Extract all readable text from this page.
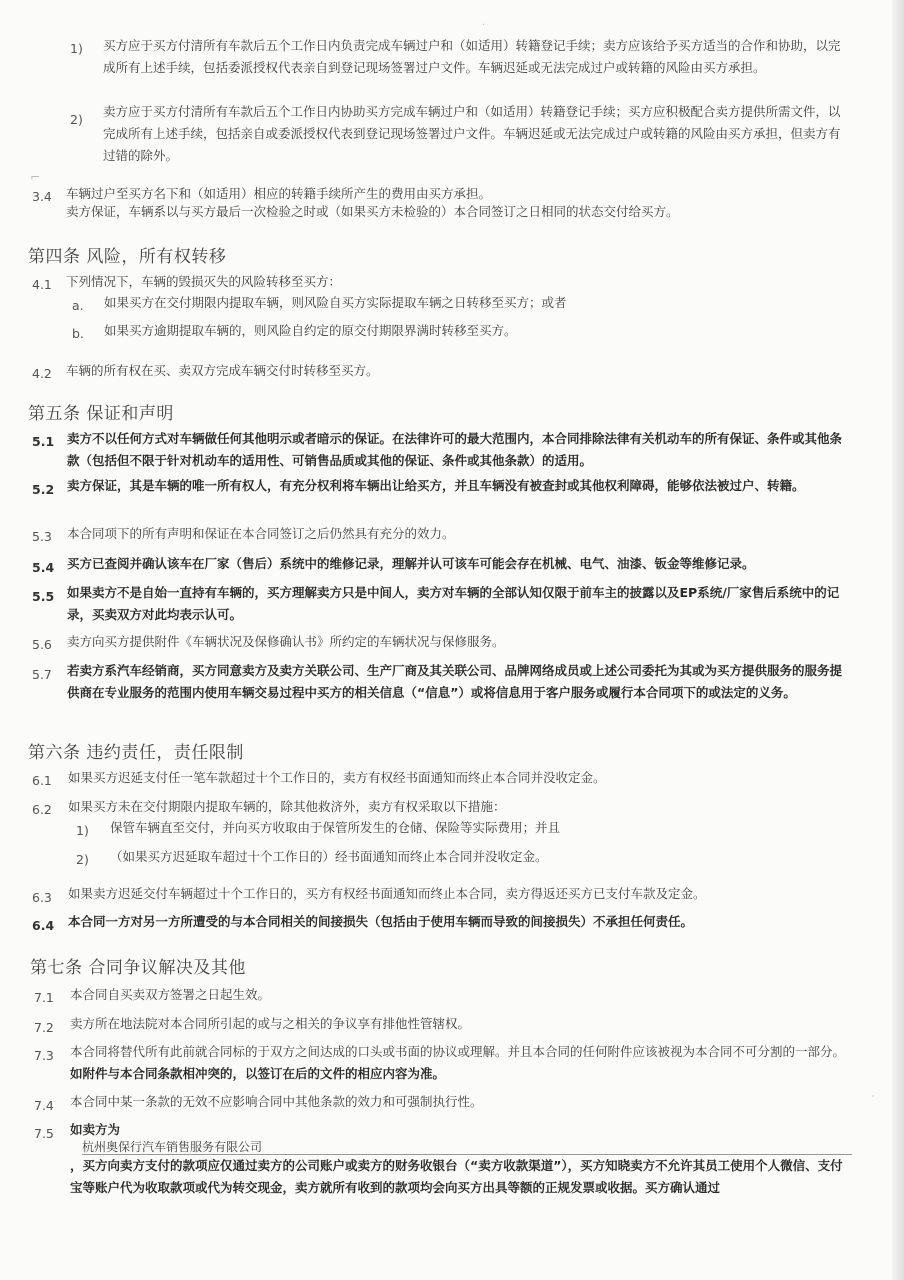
·
⌐
′
1) 买方应于买方付清所有车款后五个工作日内负责完成车辆过户和（如适用）转籍登记手续；卖方应该给予买方适当的合作和协助，以完成所有上述手续，包括委派授权代表亲自到登记现场签署过户文件。车辆迟延或无法完成过户或转籍的风险由买方承担。
2)
卖方应于买方付清所有车款后五个工作日内协助买方完成车辆过户和（如适用）转籍登记手续；买方应积极配合卖方提供所需文件，以完成所有上述手续，包括亲自或委派授权代表到登记现场签署过户文件。车辆迟延或无法完成过户或转籍的风险由买方承担，但卖方有过错的除外。
3.4 车辆过户至买方名下和（如适用）相应的转籍手续所产生的费用由买方承担。
卖方保证，车辆系以与买方最后一次检验之时或（如果买方未检验的）本合同签订之日相同的状态交付给买方。
第四条 风险，所有权转移
4.1 下列情况下，车辆的毁损灭失的风险转移至买方：
a. 如果买方在交付期限内提取车辆，则风险自买方实际提取车辆之日转移至买方；或者
b. 如果买方逾期提取车辆的，则风险自约定的原交付期限界满时转移至买方。
4.2 车辆的所有权在买、卖双方完成车辆交付时转移至买方。
第五条 保证和声明
5.1 卖方不以任何方式对车辆做任何其他明示或者暗示的保证。在法律许可的最大范围内，本合同排除法律有关机动车的所有保证、条件或其他条款（包括但不限于针对机动车的适用性、可销售品质或其他的保证、条件或其他条款）的适用。
5.2 卖方保证，其是车辆的唯一所有权人，有充分权利将车辆出让给买方，并且车辆没有被查封或其他权利障碍，能够依法被过户、转籍。
5.3 本合同项下的所有声明和保证在本合同签订之后仍然具有充分的效力。
5.4 买方已查阅并确认该车在厂家（售后）系统中的维修记录，理解并认可该车可能会存在机械、电气、油漆、钣金等维修记录。
5.5 如果卖方不是自始一直持有车辆的，买方理解卖方只是中间人，卖方对车辆的全部认知仅限于前车主的披露以及EP系统/厂家售后系统中的记录，买卖双方对此均表示认可。
5.6 卖方向买方提供附件《车辆状况及保修确认书》所约定的车辆状况与保修服务。
5.7 若卖方系汽车经销商，买方同意卖方及卖方关联公司、生产厂商及其关联公司、品牌网络成员或上述公司委托为其或为买方提供服务的服务提供商在专业服务的范围内使用车辆交易过程中买方的相关信息（“信息”）或将信息用于客户服务或履行本合同项下的或法定的义务。
第六条 违约责任，责任限制
6.1 如果买方迟延支付任一笔车款超过十个工作日的，卖方有权经书面通知而终止本合同并没收定金。
6.2 如果买方未在交付期限内提取车辆的，除其他救济外，卖方有权采取以下措施：
1) 保管车辆直至交付，并向买方收取由于保管所发生的仓储、保险等实际费用；并且
2) （如果买方迟延取车超过十个工作日的）经书面通知而终止本合同并没收定金。
6.3 如果卖方迟延交付车辆超过十个工作日的，买方有权经书面通知而终止本合同，卖方得返还买方已支付车款及定金。
6.4 本合同一方对另一方所遭受的与本合同相关的间接损失（包括由于使用车辆而导致的间接损失）不承担任何责任。
第七条 合同争议解决及其他
7.1 本合同自买卖双方签署之日起生效。
7.2 卖方所在地法院对本合同所引起的或与之相关的争议享有排他性管辖权。
7.3 本合同将替代所有此前就合同标的于双方之间达成的口头或书面的协议或理解。并且本合同的任何附件应该被视为本合同不可分割的一部分。如附件与本合同条款相冲突的，以签订在后的文件的相应内容为准。
7.4 本合同中某一条款的无效不应影响合同中其他条款的效力和可强制执行性。
7.5 如卖方为
杭州奥保行汽车销售服务有限公司
，买方向卖方支付的款项应仅通过卖方的公司账户或卖方的财务收银台（“卖方收款渠道”），买方知晓卖方不允许其员工使用个人微信、支付宝等账户代为收取款项或代为转交现金，卖方就所有收到的款项均会向买方出具等额的正规发票或收据。买方确认通过
